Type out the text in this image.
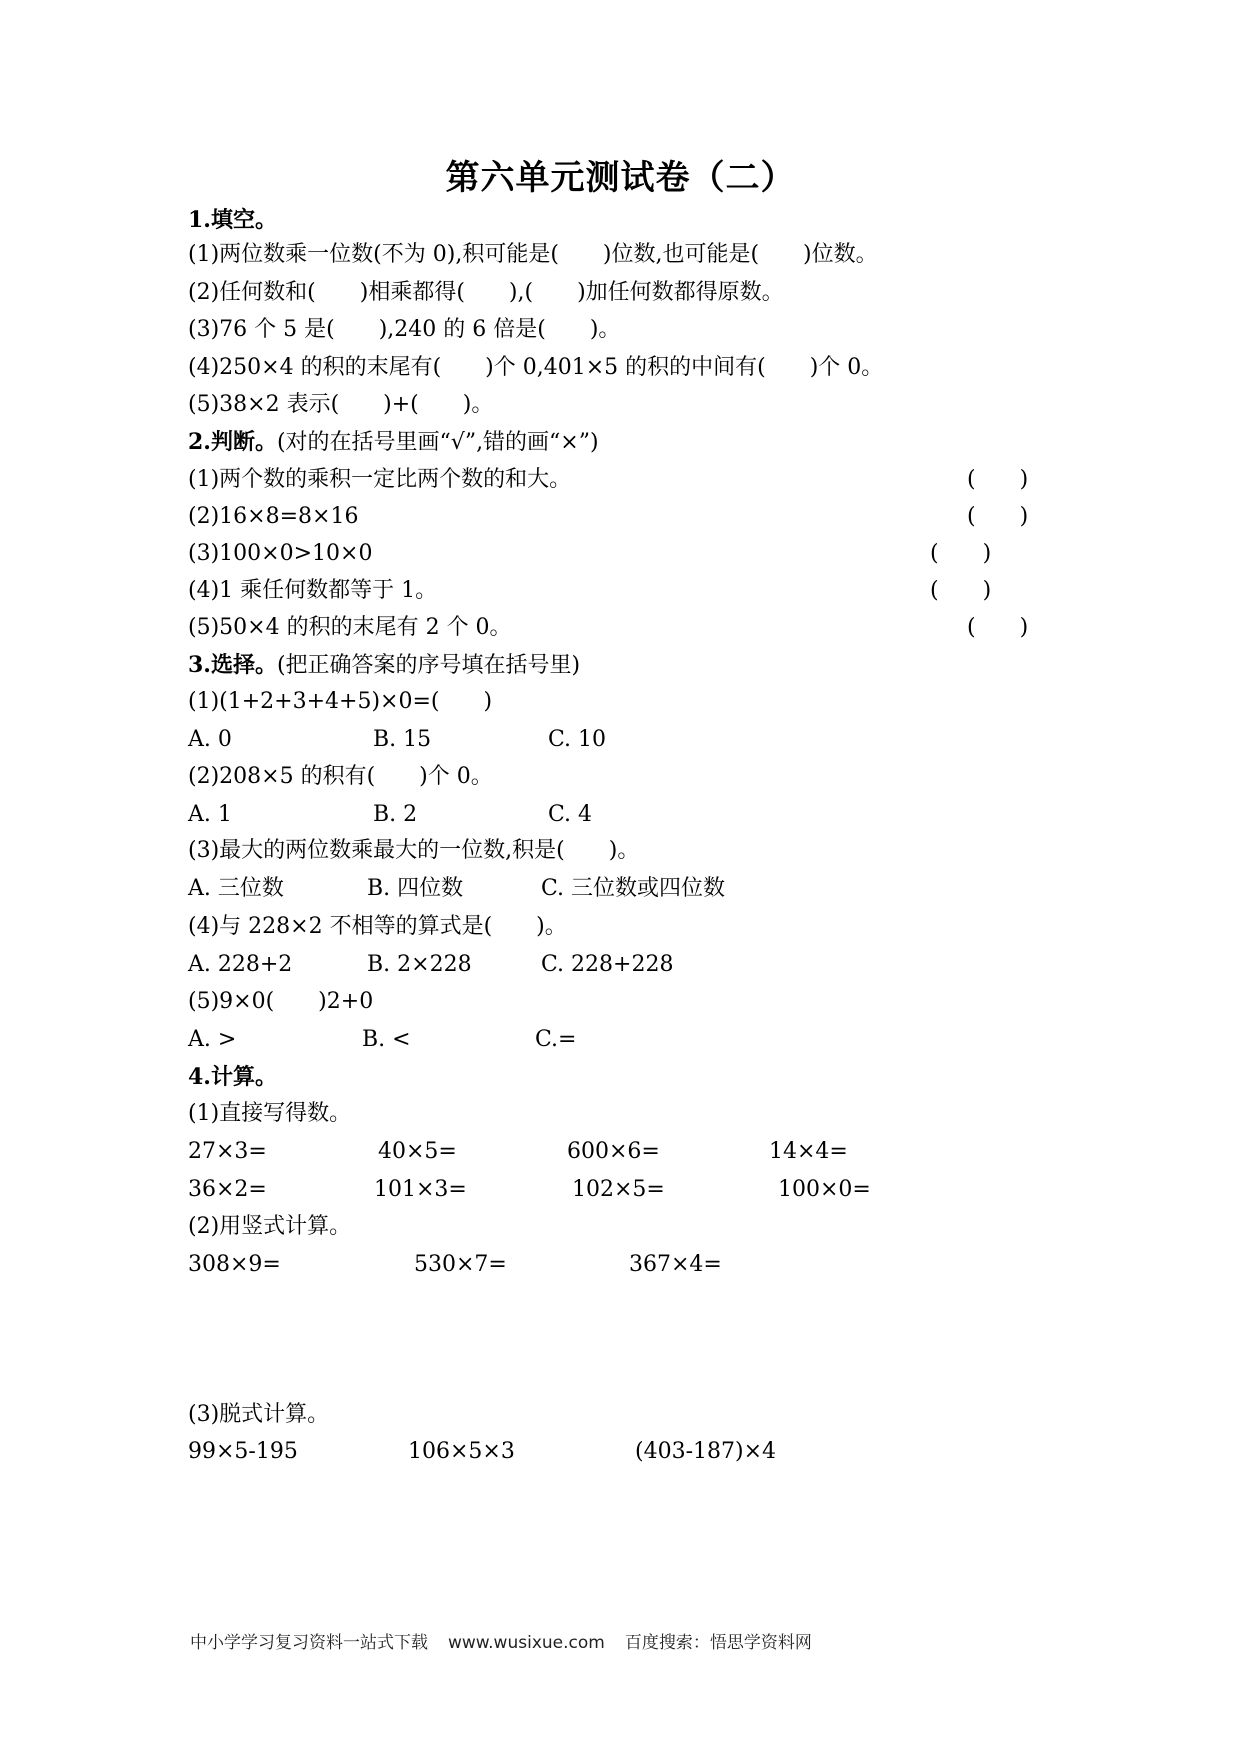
第六单元测试卷（二）
1.填空。
(1)两位数乘一位数(不为 0),积可能是(　　)位数,也可能是(　　)位数。
(2)任何数和(　　)相乘都得(　　),(　　)加任何数都得原数。
(3)76 个 5 是(　　),240 的 6 倍是(　　)。
(4)250×4 的积的末尾有(　　)个 0,401×5 的积的中间有(　　)个 0。
(5)38×2 表示(　　)+(　　)。
2.判断。(对的在括号里画“√”,错的画“×”)
(1)两个数的乘积一定比两个数的和大。	(　　)
(2)16×8=8×16	(　　)
(3)100×0>10×0	(　　)
(4)1 乘任何数都等于 1。	(　　)
(5)50×4 的积的末尾有 2 个 0。	(　　)
3.选择。(把正确答案的序号填在括号里)
(1)(1+2+3+4+5)×0=(　　)
A. 0	B. 15	C. 10
(2)208×5 的积有(　　)个 0。
A. 1	B. 2	C. 4
(3)最大的两位数乘最大的一位数,积是(　　)。
A. 三位数	B. 四位数	C. 三位数或四位数
(4)与 228×2 不相等的算式是(　　)。
A. 228+2	B. 2×228	C. 228+228
(5)9×0(　　)2+0
A. >	B. <	C.=
4.计算。
(1)直接写得数。
27×3=	40×5=	600×6=	14×4=
36×2=	101×3=	102×5=	100×0=
(2)用竖式计算。
308×9=	530×7=	367×4=
(3)脱式计算。
99×5-195	106×5×3	(403-187)×4
中小学学习复习资料一站式下载 www.wusixue.com 百度搜索：悟思学资料网
